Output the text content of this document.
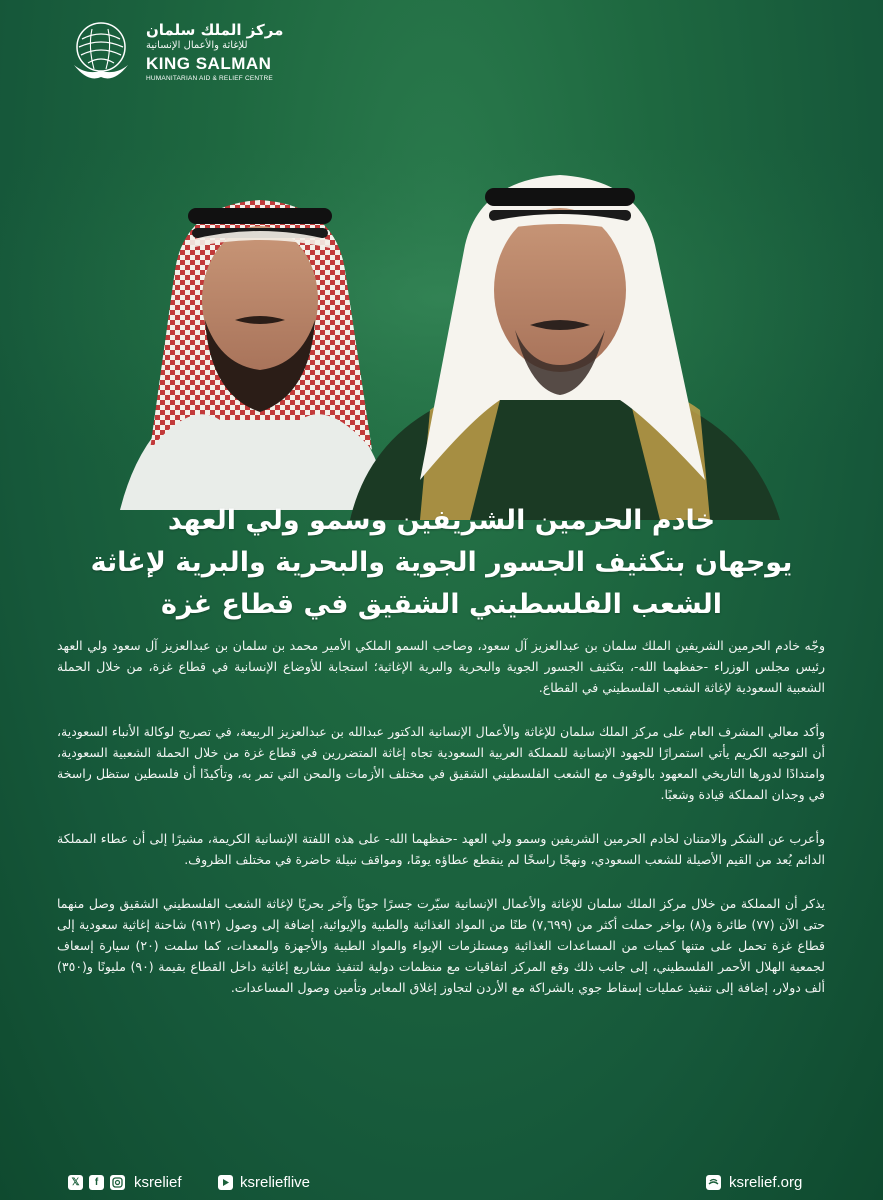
مركز الملك سلمان
للإغاثة والأعمال الإنسانية
KING SALMAN
HUMANITARIAN AID & RELIEF CENTRE
خادم الحرمين الشريفين وسمو ولي العهد
يوجهان بتكثيف الجسور الجوية والبحرية والبرية لإغاثة
الشعب الفلسطيني الشقيق في قطاع غزة

وجّه خادم الحرمين الشريفين الملك سلمان بن عبدالعزيز آل سعود، وصاحب السمو الملكي الأمير محمد بن سلمان بن عبدالعزيز آل سعود ولي العهد رئيس مجلس الوزراء -حفظهما الله-، بتكثيف الجسور الجوية والبحرية والبرية الإغاثية؛ استجابة للأوضاع الإنسانية في قطاع غزة، من خلال الحملة الشعبية السعودية لإغاثة الشعب الفلسطيني في القطاع.

وأكد معالي المشرف العام على مركز الملك سلمان للإغاثة والأعمال الإنسانية الدكتور عبدالله بن عبدالعزيز الربيعة، في تصريح لوكالة الأنباء السعودية، أن التوجيه الكريم يأتي استمرارًا للجهود الإنسانية للمملكة العربية السعودية تجاه إغاثة المتضررين في قطاع غزة من خلال الحملة الشعبية السعودية، وامتدادًا لدورها التاريخي المعهود بالوقوف مع الشعب الفلسطيني الشقيق في مختلف الأزمات والمحن التي تمر به، وتأكيدًا أن فلسطين ستظل راسخة في وجدان المملكة قيادة وشعبًا.

وأعرب عن الشكر والامتنان لخادم الحرمين الشريفين وسمو ولي العهد -حفظهما الله- على هذه اللفتة الإنسانية الكريمة، مشيرًا إلى أن عطاء المملكة الدائم يُعد من القيم الأصيلة للشعب السعودي، ونهجًا راسخًا لم ينقطع عطاؤه يومًا، ومواقف نبيلة حاضرة في مختلف الظروف.

يذكر أن المملكة من خلال مركز الملك سلمان للإغاثة والأعمال الإنسانية سيّرت جسرًا جويًا وآخر بحريًا لإغاثة الشعب الفلسطيني الشقيق وصل منهما حتى الآن (٧٧) طائرة و(٨) بواخر حملت أكثر من (٧,٦٩٩) طنًا من المواد الغذائية والطبية والإيوائية، إضافة إلى وصول (٩١٢) شاحنة إغاثية سعودية إلى قطاع غزة تحمل على متنها كميات من المساعدات الغذائية ومستلزمات الإيواء والمواد الطبية والأجهزة والمعدات، كما سلمت (٢٠) سيارة إسعاف لجمعية الهلال الأحمر الفلسطيني، إلى جانب ذلك وقع المركز اتفاقيات مع منظمات دولية لتنفيذ مشاريع إغاثية داخل القطاع بقيمة (٩٠) مليونًا و(٣٥٠) ألف دولار، إضافة إلى تنفيذ عمليات إسقاط جوي بالشراكة مع الأردن لتجاوز إغلاق المعابر وتأمين وصول المساعدات.

𝕏	f	ksrelief	ksrelieflive	ksrelief.org
